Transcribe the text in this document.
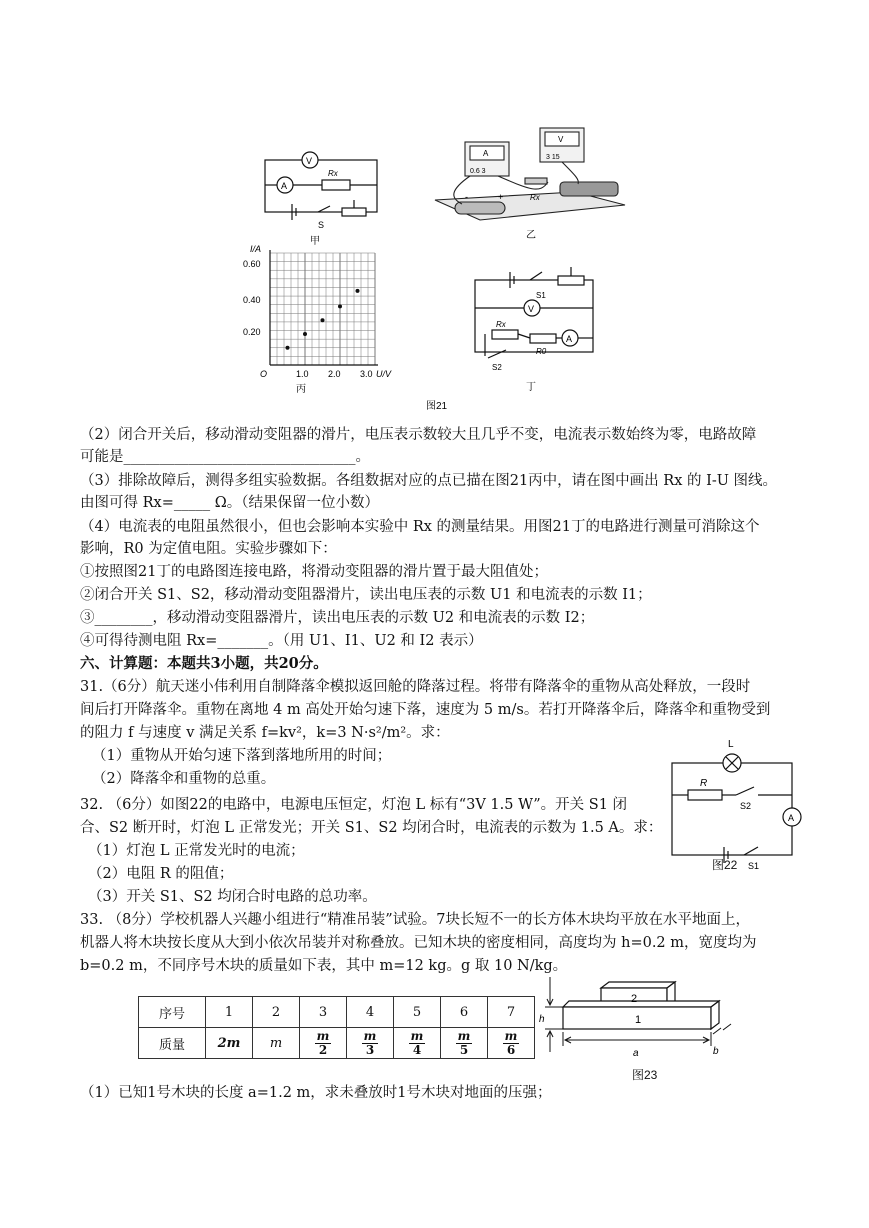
V
A
Rx
S
甲
A
0.6 3
V
3 15
-	+	Rx
乙
I/A
0.60
0.40
0.20
O	1.0 2.0 3.0 U/V
丙
S1
V
Rx
R0
A
S2
丁
图21
（2）闭合开关后，移动滑动变阻器的滑片，电压表示数较大且几乎不变，电流表示数始终为零，电路故障
可能是________________________________。
（3）排除故障后，测得多组实验数据。各组数据对应的点已描在图21丙中，请在图中画出 Rx 的 I-U 图线。
由图可得 Rx=_____ Ω。（结果保留一位小数）
（4）电流表的电阻虽然很小，但也会影响本实验中 Rx 的测量结果。用图21丁的电路进行测量可消除这个
影响，R0 为定值电阻。实验步骤如下：
①按照图21丁的电路图连接电路，将滑动变阻器的滑片置于最大阻值处；
②闭合开关 S1、S2，移动滑动变阻器滑片，读出电压表的示数 U1 和电流表的示数 I1；
③________，移动滑动变阻器滑片，读出电压表的示数 U2 和电流表的示数 I2；
④可得待测电阻 Rx=_______。（用 U1、I1、U2 和 I2 表示）
六、计算题：本题共3小题，共20分。
31.（6分）航天迷小伟利用自制降落伞模拟返回舱的降落过程。将带有降落伞的重物从高处释放，一段时
间后打开降落伞。重物在离地 4 m 高处开始匀速下落，速度为 5 m/s。若打开降落伞后，降落伞和重物受到
的阻力 f 与速度 v 满足关系 f=kv²，k=3 N·s²/m²。求：
（1）重物从开始匀速下落到落地所用的时间；
（2）降落伞和重物的总重。
32. （6分）如图22的电路中，电源电压恒定，灯泡 L 标有“3V 1.5 W”。开关 S1 闭
合、S2 断开时，灯泡 L 正常发光；开关 S1、S2 均闭合时，电流表的示数为 1.5 A。求：
（1）灯泡 L 正常发光时的电流；
（2）电阻 R 的阻值；
（3）开关 S1、S2 均闭合时电路的总功率。
33. （8分）学校机器人兴趣小组进行“精准吊装”试验。7块长短不一的长方体木块均平放在水平地面上，
机器人将木块按长度从大到小依次吊装并对称叠放。已知木块的密度相同，高度均为 h=0.2 m，宽度均为
b=0.2 m，不同序号木块的质量如下表，其中 m=12 kg。g 取 10 N/kg。
（1）已知1号木块的长度 a=1.2 m，求未叠放时1号木块对地面的压强；
L
R
S2
A
S1
图22
序号	1	2	3	4	5	6	7
质量	2m	m	$\frac{m}{2}$	$\frac{m}{3}$	$\frac{m}{4}$	$\frac{m}{5}$	$\frac{m}{6}$
2
1
h
a	b
图23
